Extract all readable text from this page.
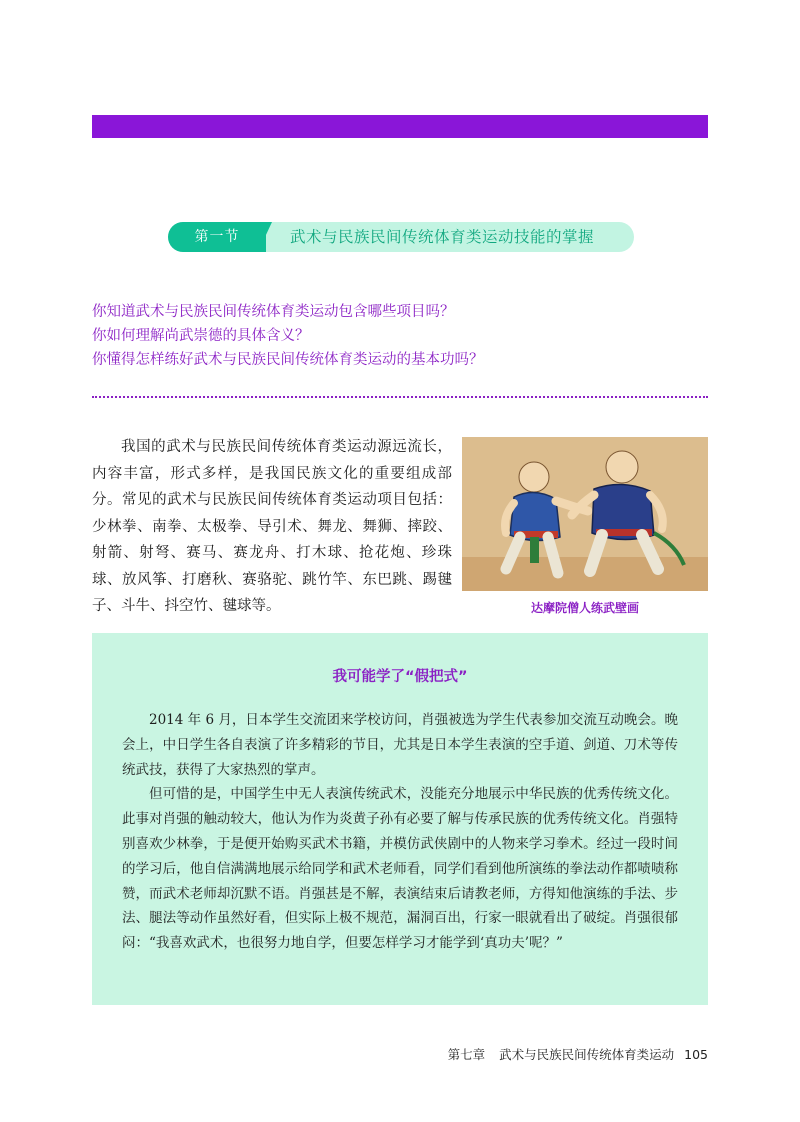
第一节	武术与民族民间传统体育类运动技能的掌握
你知道武术与民族民间传统体育类运动包含哪些项目吗？
你如何理解尚武崇德的具体含义？
你懂得怎样练好武术与民族民间传统体育类运动的基本功吗？

我国的武术与民族民间传统体育类运动源远流长，内容丰富，形式多样，是我国民族文化的重要组成部分。常见的武术与民族民间传统体育类运动项目包括：少林拳、南拳、太极拳、导引术、舞龙、舞狮、摔跤、射箭、射弩、赛马、赛龙舟、打木球、抢花炮、珍珠球、放风筝、打磨秋、赛骆驼、跳竹竿、东巴跳、踢毽子、斗牛、抖空竹、毽球等。	达摩院僧人练武壁画
我可能学了“假把式”

2014 年 6 月，日本学生交流团来学校访问，肖强被选为学生代表参加交流互动晚会。晚会上，中日学生各自表演了许多精彩的节目，尤其是日本学生表演的空手道、剑道、刀术等传统武技，获得了大家热烈的掌声。

但可惜的是，中国学生中无人表演传统武术，没能充分地展示中华民族的优秀传统文化。此事对肖强的触动较大，他认为作为炎黄子孙有必要了解与传承民族的优秀传统文化。肖强特别喜欢少林拳，于是便开始购买武术书籍，并模仿武侠剧中的人物来学习拳术。经过一段时间的学习后，他自信满满地展示给同学和武术老师看，同学们看到他所演练的拳法动作都啧啧称赞，而武术老师却沉默不语。肖强甚是不解，表演结束后请教老师，方得知他演练的手法、步法、腿法等动作虽然好看，但实际上极不规范，漏洞百出，行家一眼就看出了破绽。肖强很郁闷：“我喜欢武术，也很努力地自学，但要怎样学习才能学到‘真功夫’呢？”

第七章 武术与民族民间传统体育类运动 105
